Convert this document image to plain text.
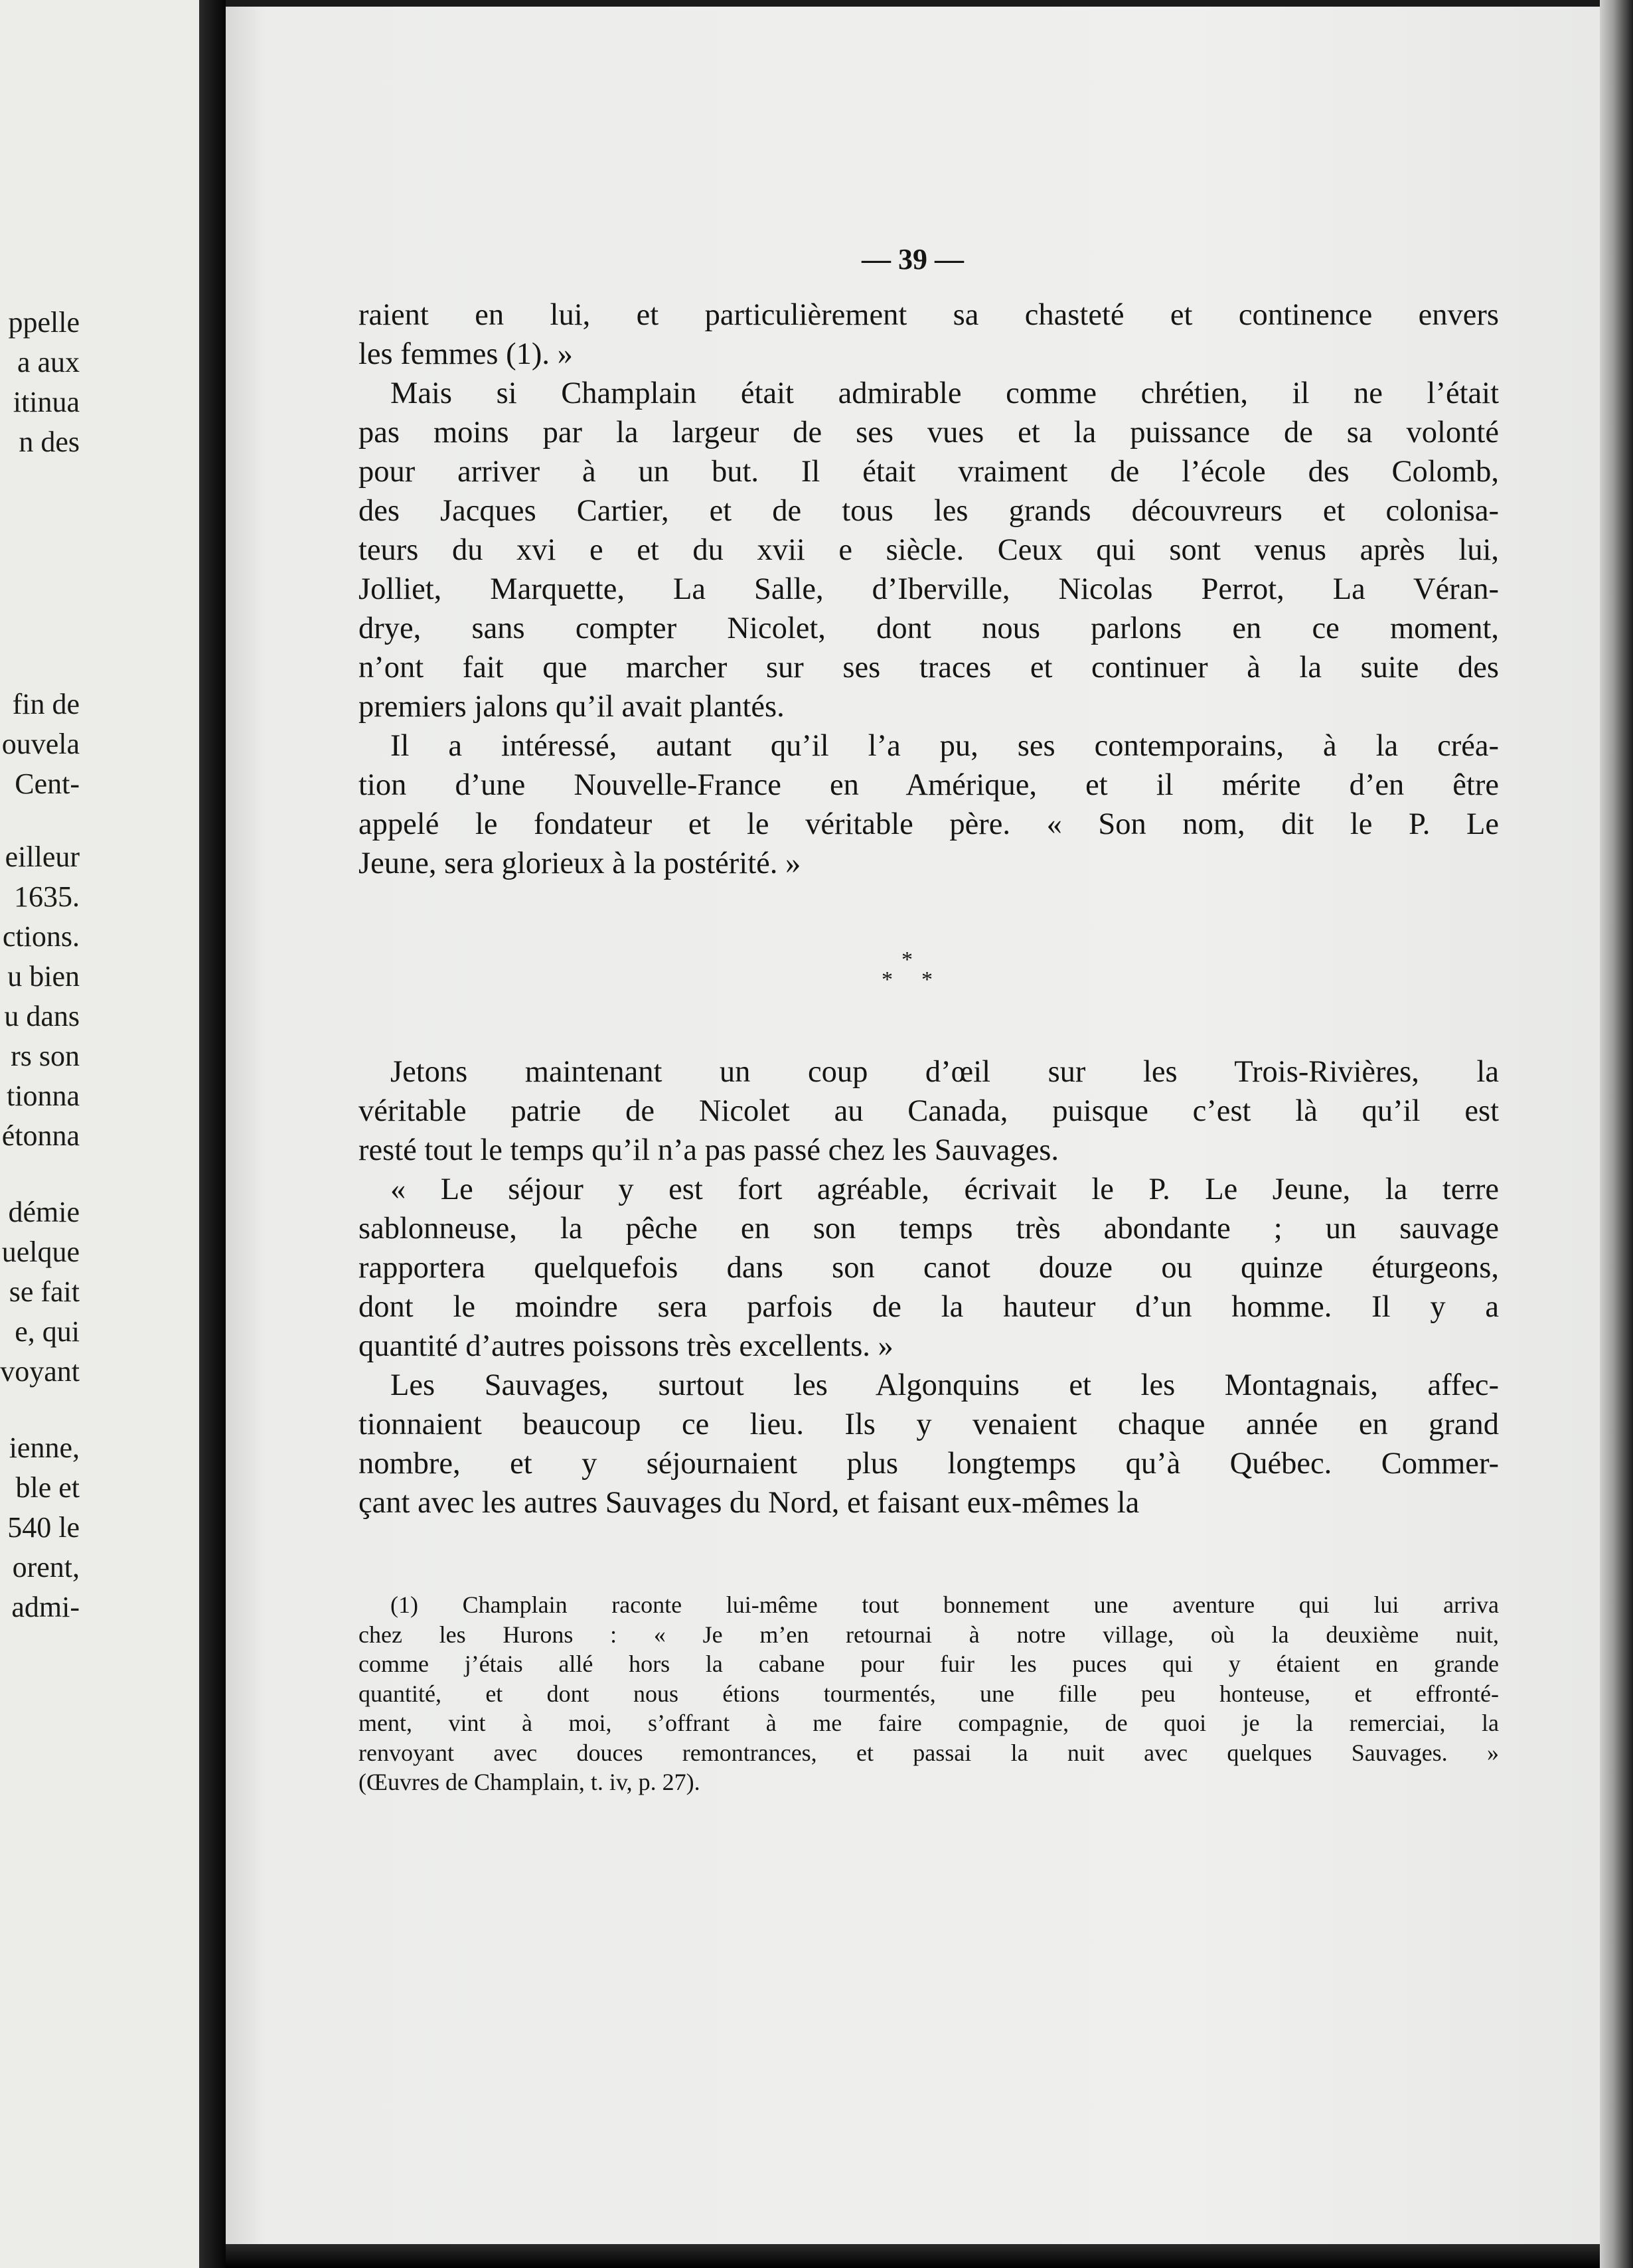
ppelle
a aux
itinua
n des
fin de
ouvela
Cent-
eilleur
1635.
ctions.
u bien
u dans
rs son
tionna
étonna
démie
uelque
se fait
e, qui
voyant
ienne,
ble et
540 le
orent,
admi-
— 39 —

raient en lui, et particulièrement sa chasteté et continence envers
les femmes (1). »

Mais si Champlain était admirable comme chrétien, il ne l’était
pas moins par la largeur de ses vues et la puissance de sa volonté
pour arriver à un but. Il était vraiment de l’école des Colomb,
des Jacques Cartier, et de tous les grands découvreurs et colonisa-
teurs du xvi e et du xvii e siècle. Ceux qui sont venus après lui,
Jolliet, Marquette, La Salle, d’Iberville, Nicolas Perrot, La Véran-
drye, sans compter Nicolet, dont nous parlons en ce moment,
n’ont fait que marcher sur ses traces et continuer à la suite des
premiers jalons qu’il avait plantés.

Il a intéressé, autant qu’il l’a pu, ses contemporains, à la créa-
tion d’une Nouvelle-France en Amérique, et il mérite d’en être
appelé le fondateur et le véritable père. « Son nom, dit le P. Le
Jeune, sera glorieux à la postérité. »

*
* *

Jetons maintenant un coup d’œil sur les Trois-Rivières, la
véritable patrie de Nicolet au Canada, puisque c’est là qu’il est
resté tout le temps qu’il n’a pas passé chez les Sauvages.

« Le séjour y est fort agréable, écrivait le P. Le Jeune, la terre
sablonneuse, la pêche en son temps très abondante ; un sauvage
rapportera quelquefois dans son canot douze ou quinze éturgeons,
dont le moindre sera parfois de la hauteur d’un homme. Il y a
quantité d’autres poissons très excellents. »

Les Sauvages, surtout les Algonquins et les Montagnais, affec-
tionnaient beaucoup ce lieu. Ils y venaient chaque année en grand
nombre, et y séjournaient plus longtemps qu’à Québec. Commer-
çant avec les autres Sauvages du Nord, et faisant eux-mêmes la

(1) Champlain raconte lui-même tout bonnement une aventure qui lui arriva
chez les Hurons : « Je m’en retournai à notre village, où la deuxième nuit,
comme j’étais allé hors la cabane pour fuir les puces qui y étaient en grande
quantité, et dont nous étions tourmentés, une fille peu honteuse, et effronté-
ment, vint à moi, s’offrant à me faire compagnie, de quoi je la remerciai, la
renvoyant avec douces remontrances, et passai la nuit avec quelques Sauvages. »
(Œuvres de Champlain, t. iv, p. 27).
